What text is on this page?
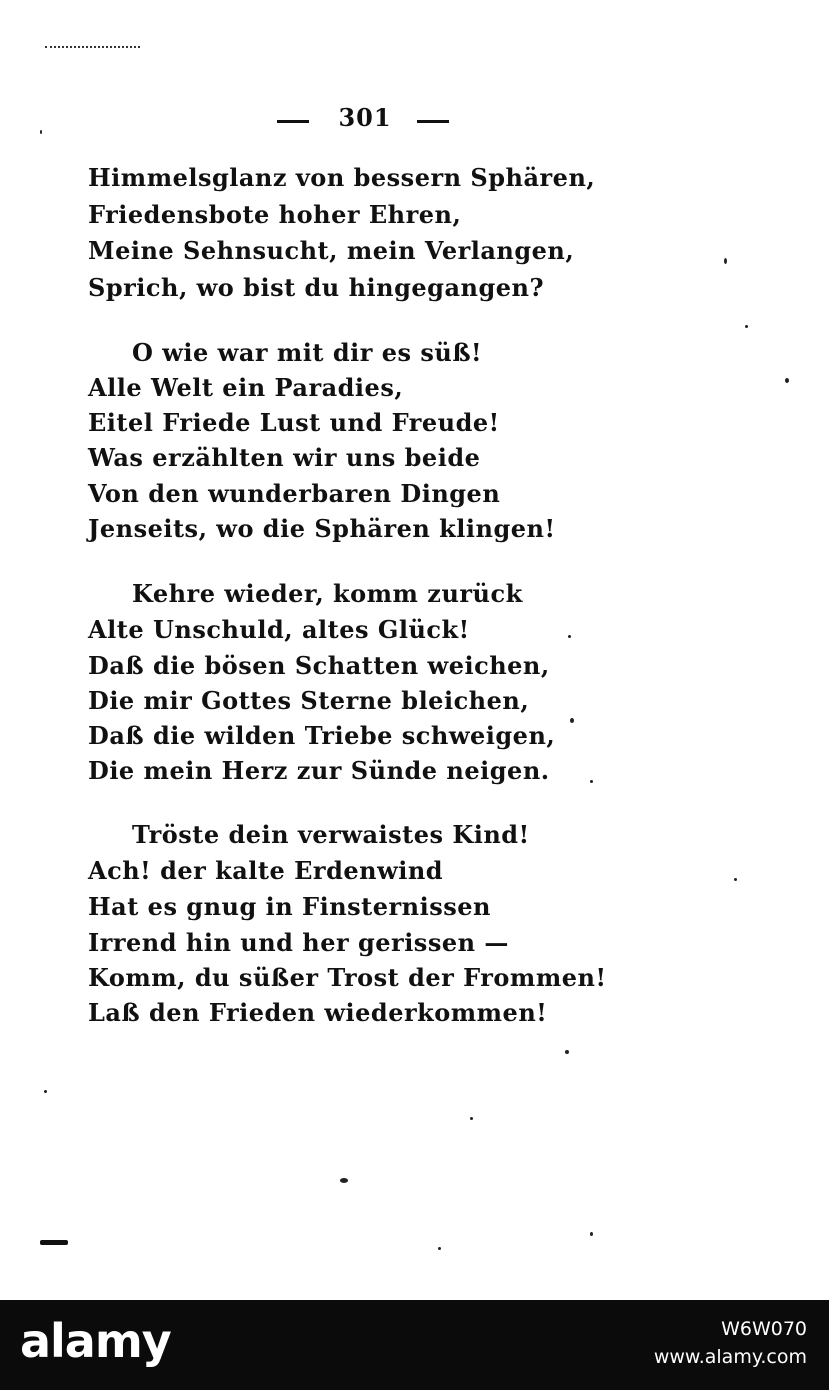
301
Himmelsglanz von bessern Sphären,
Friedensbote hoher Ehren,
Meine Sehnsucht, mein Verlangen,
Sprich, wo bist du hingegangen?
O wie war mit dir es süß!
Alle Welt ein Paradies,
Eitel Friede Lust und Freude!
Was erzählten wir uns beide
Von den wunderbaren Dingen
Jenseits, wo die Sphären klingen!
Kehre wieder, komm zurück
Alte Unschuld, altes Glück!
Daß die bösen Schatten weichen,
Die mir Gottes Sterne bleichen,
Daß die wilden Triebe schweigen,
Die mein Herz zur Sünde neigen.
Tröste dein verwaistes Kind!
Ach! der kalte Erdenwind
Hat es gnug in Finsternissen
Irrend hin und her gerissen —
Komm, du süßer Trost der Frommen!
Laß den Frieden wiederkommen!
alamy	W6W070
www.alamy.com
